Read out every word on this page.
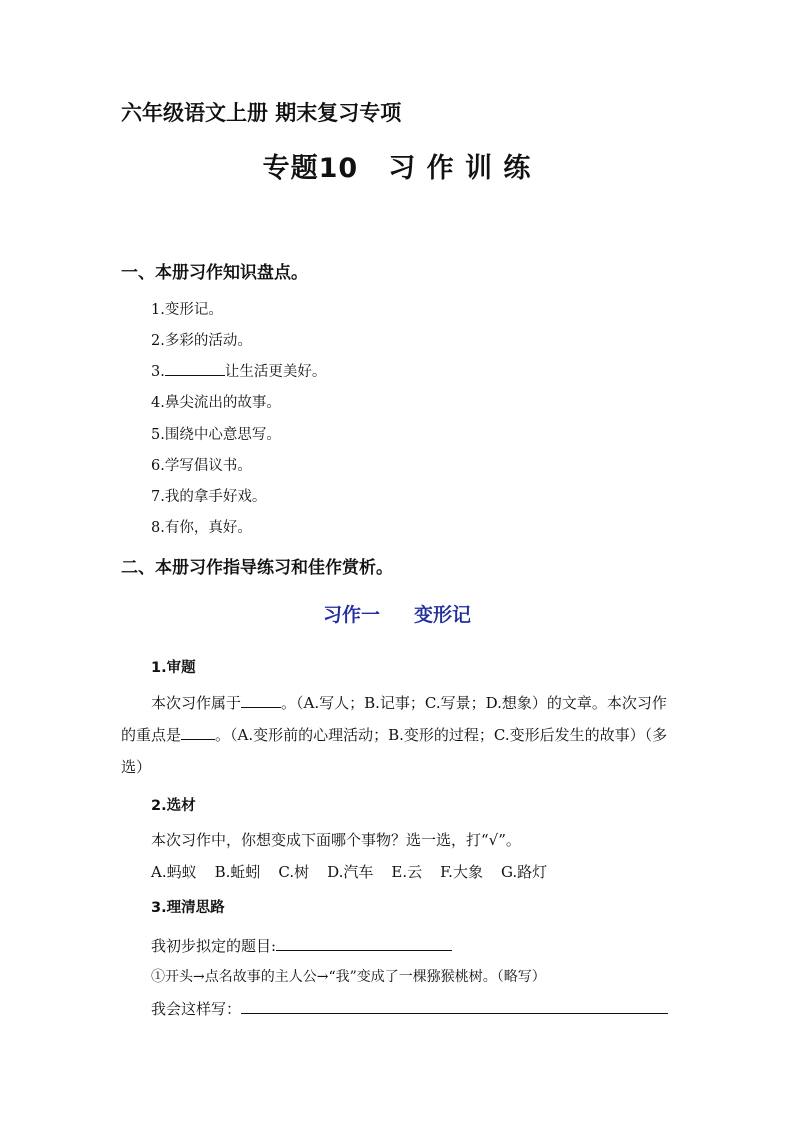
六年级语文上册 期末复习专项
专题10 习 作 训 练
一、本册习作知识盘点。
1.变形记。
2.多彩的活动。
3.	让生活更美好。
4.鼻尖流出的故事。
5.围绕中心意思写。
6.学写倡议书。
7.我的拿手好戏。
8.有你，真好。
二、本册习作指导练习和佳作赏析。
习作一 变形记
1.审题
本次习作属于	。（A.写人；B.记事；C.写景；D.想象）的文章。本次习作的重点是 。（A.变形前的心理活动；B.变形的过程；C.变形后发生的故事）（多选）
2.选材
本次习作中，你想变成下面哪个事物？选一选，打“√”。
A.蚂蚁 B.蚯蚓 C.树 D.汽车 E.云 F.大象 G.路灯
3.理清思路
我初步拟定的题目:
①开头→点名故事的主人公→“我”变成了一棵猕猴桃树。（略写）
我会这样写：
